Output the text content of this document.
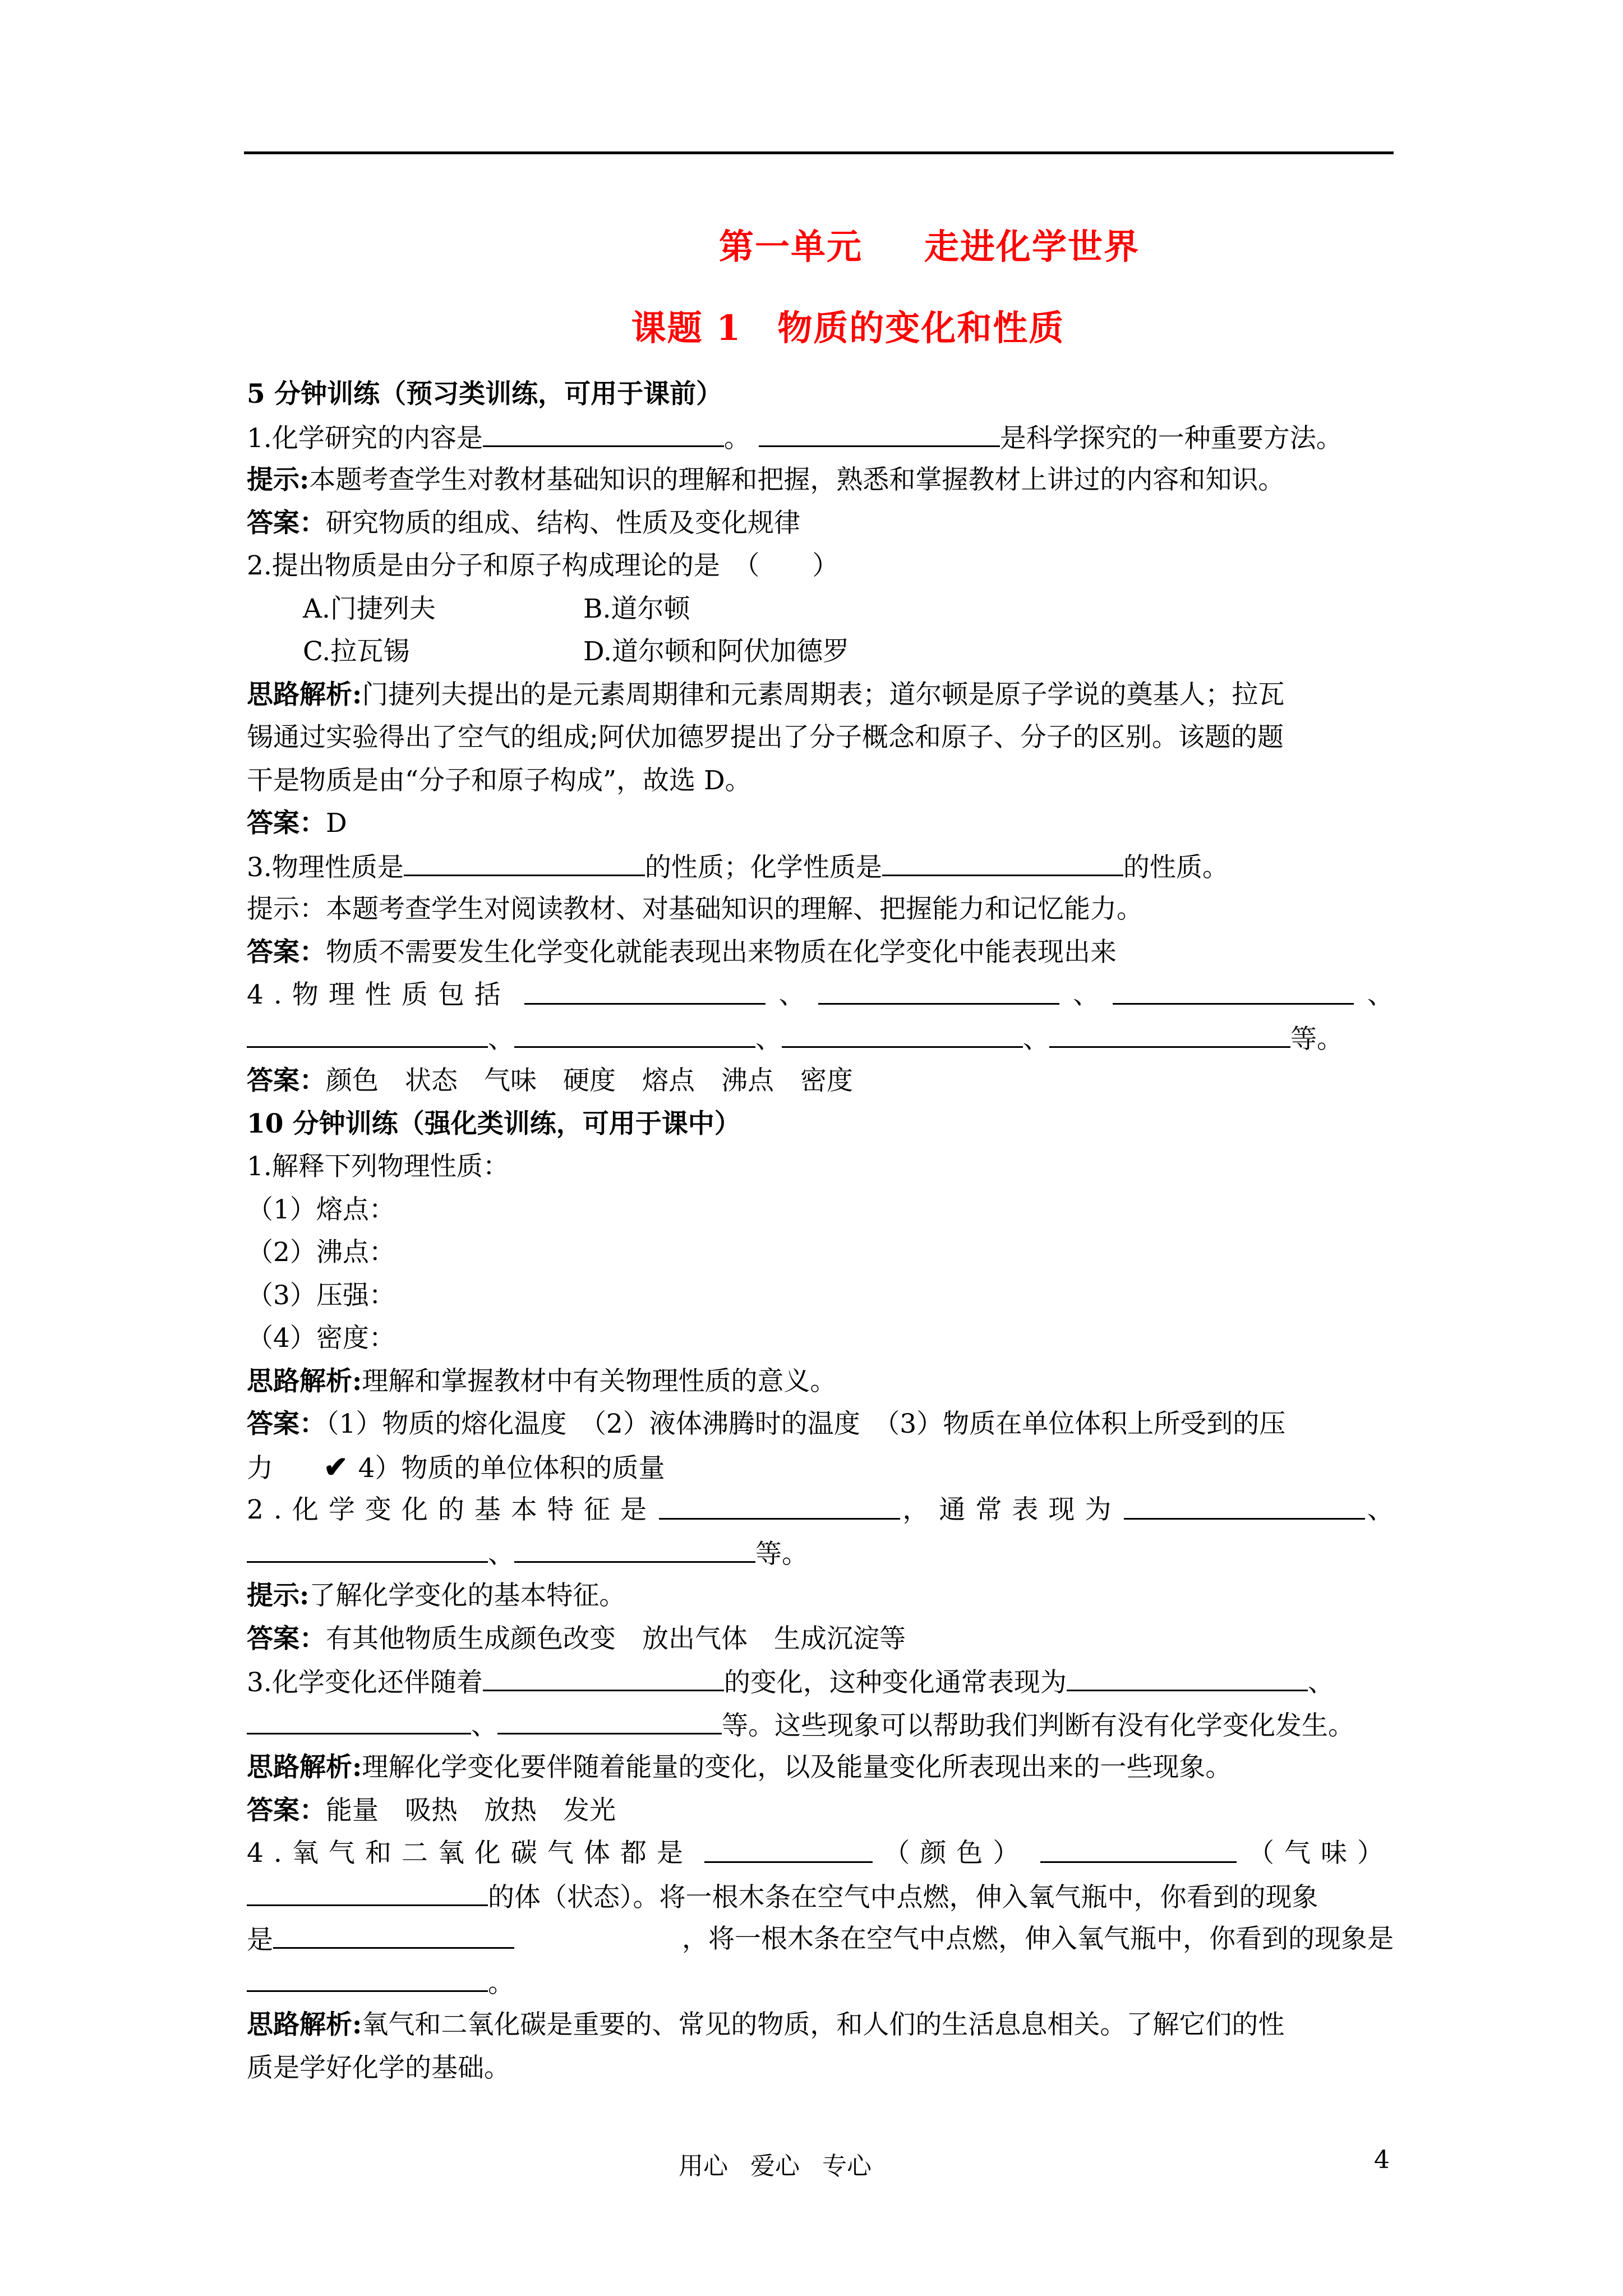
第一单元 走进化学世界
课题 1　物质的变化和性质
5 分钟训练（预习类训练，可用于课前）
1.化学研究的内容是	。	是科学探究的一种重要方法。
提示:本题考查学生对教材基础知识的理解和把握，熟悉和掌握教材上讲过的内容和知识。
答案：研究物质的组成、结构、性质及变化规律
2.提出物质是由分子和原子构成理论的是　（　　）
A.门捷列夫	B.道尔顿
C.拉瓦锡	D.道尔顿和阿伏加德罗
思路解析:门捷列夫提出的是元素周期律和元素周期表；道尔顿是原子学说的奠基人；拉瓦
锡通过实验得出了空气的组成;阿伏加德罗提出了分子概念和原子、分子的区别。该题的题
干是物质是由“分子和原子构成”，故选 D。
答案：D
3.物理性质是	的性质；化学性质是	的性质。
提示：本题考查学生对阅读教材、对基础知识的理解、把握能力和记忆能力。
答案：物质不需要发生化学变化就能表现出来物质在化学变化中能表现出来
4.物理性质包括	、	、	、
、	、	、	等。
答案：颜色　状态　气味　硬度　熔点　沸点　密度
10 分钟训练（强化类训练，可用于课中）
1.解释下列物理性质：
（1）熔点：
（2）沸点：
（3）压强：
（4）密度：
思路解析:理解和掌握教材中有关物理性质的意义。
答案：（1）物质的熔化温度　（2）液体沸腾时的温度　（3）物质在单位体积上所受到的压
力 ✔ 4）物质的单位体积的质量
2.化学变化的基本特征是	，通常表现为	、
、	等。
提示:了解化学变化的基本特征。
答案：有其他物质生成颜色改变　放出气体　生成沉淀等
3.化学变化还伴随着	的变化，这种变化通常表现为	、
、	等。这些现象可以帮助我们判断有没有化学变化发生。
思路解析:理解化学变化要伴随着能量的变化，以及能量变化所表现出来的一些现象。
答案：能量　吸热　放热　发光
4.氧气和二氧化碳气体都是	（颜色）	（气味）
的体（状态）。将一根木条在空气中点燃，伸入氧气瓶中，你看到的现象
是	，将一根木条在空气中点燃，伸入氧气瓶中，你看到的现象是
。
思路解析:氧气和二氧化碳是重要的、常见的物质，和人们的生活息息相关。了解它们的性
质是学好化学的基础。
用心 爱心 专心	4
